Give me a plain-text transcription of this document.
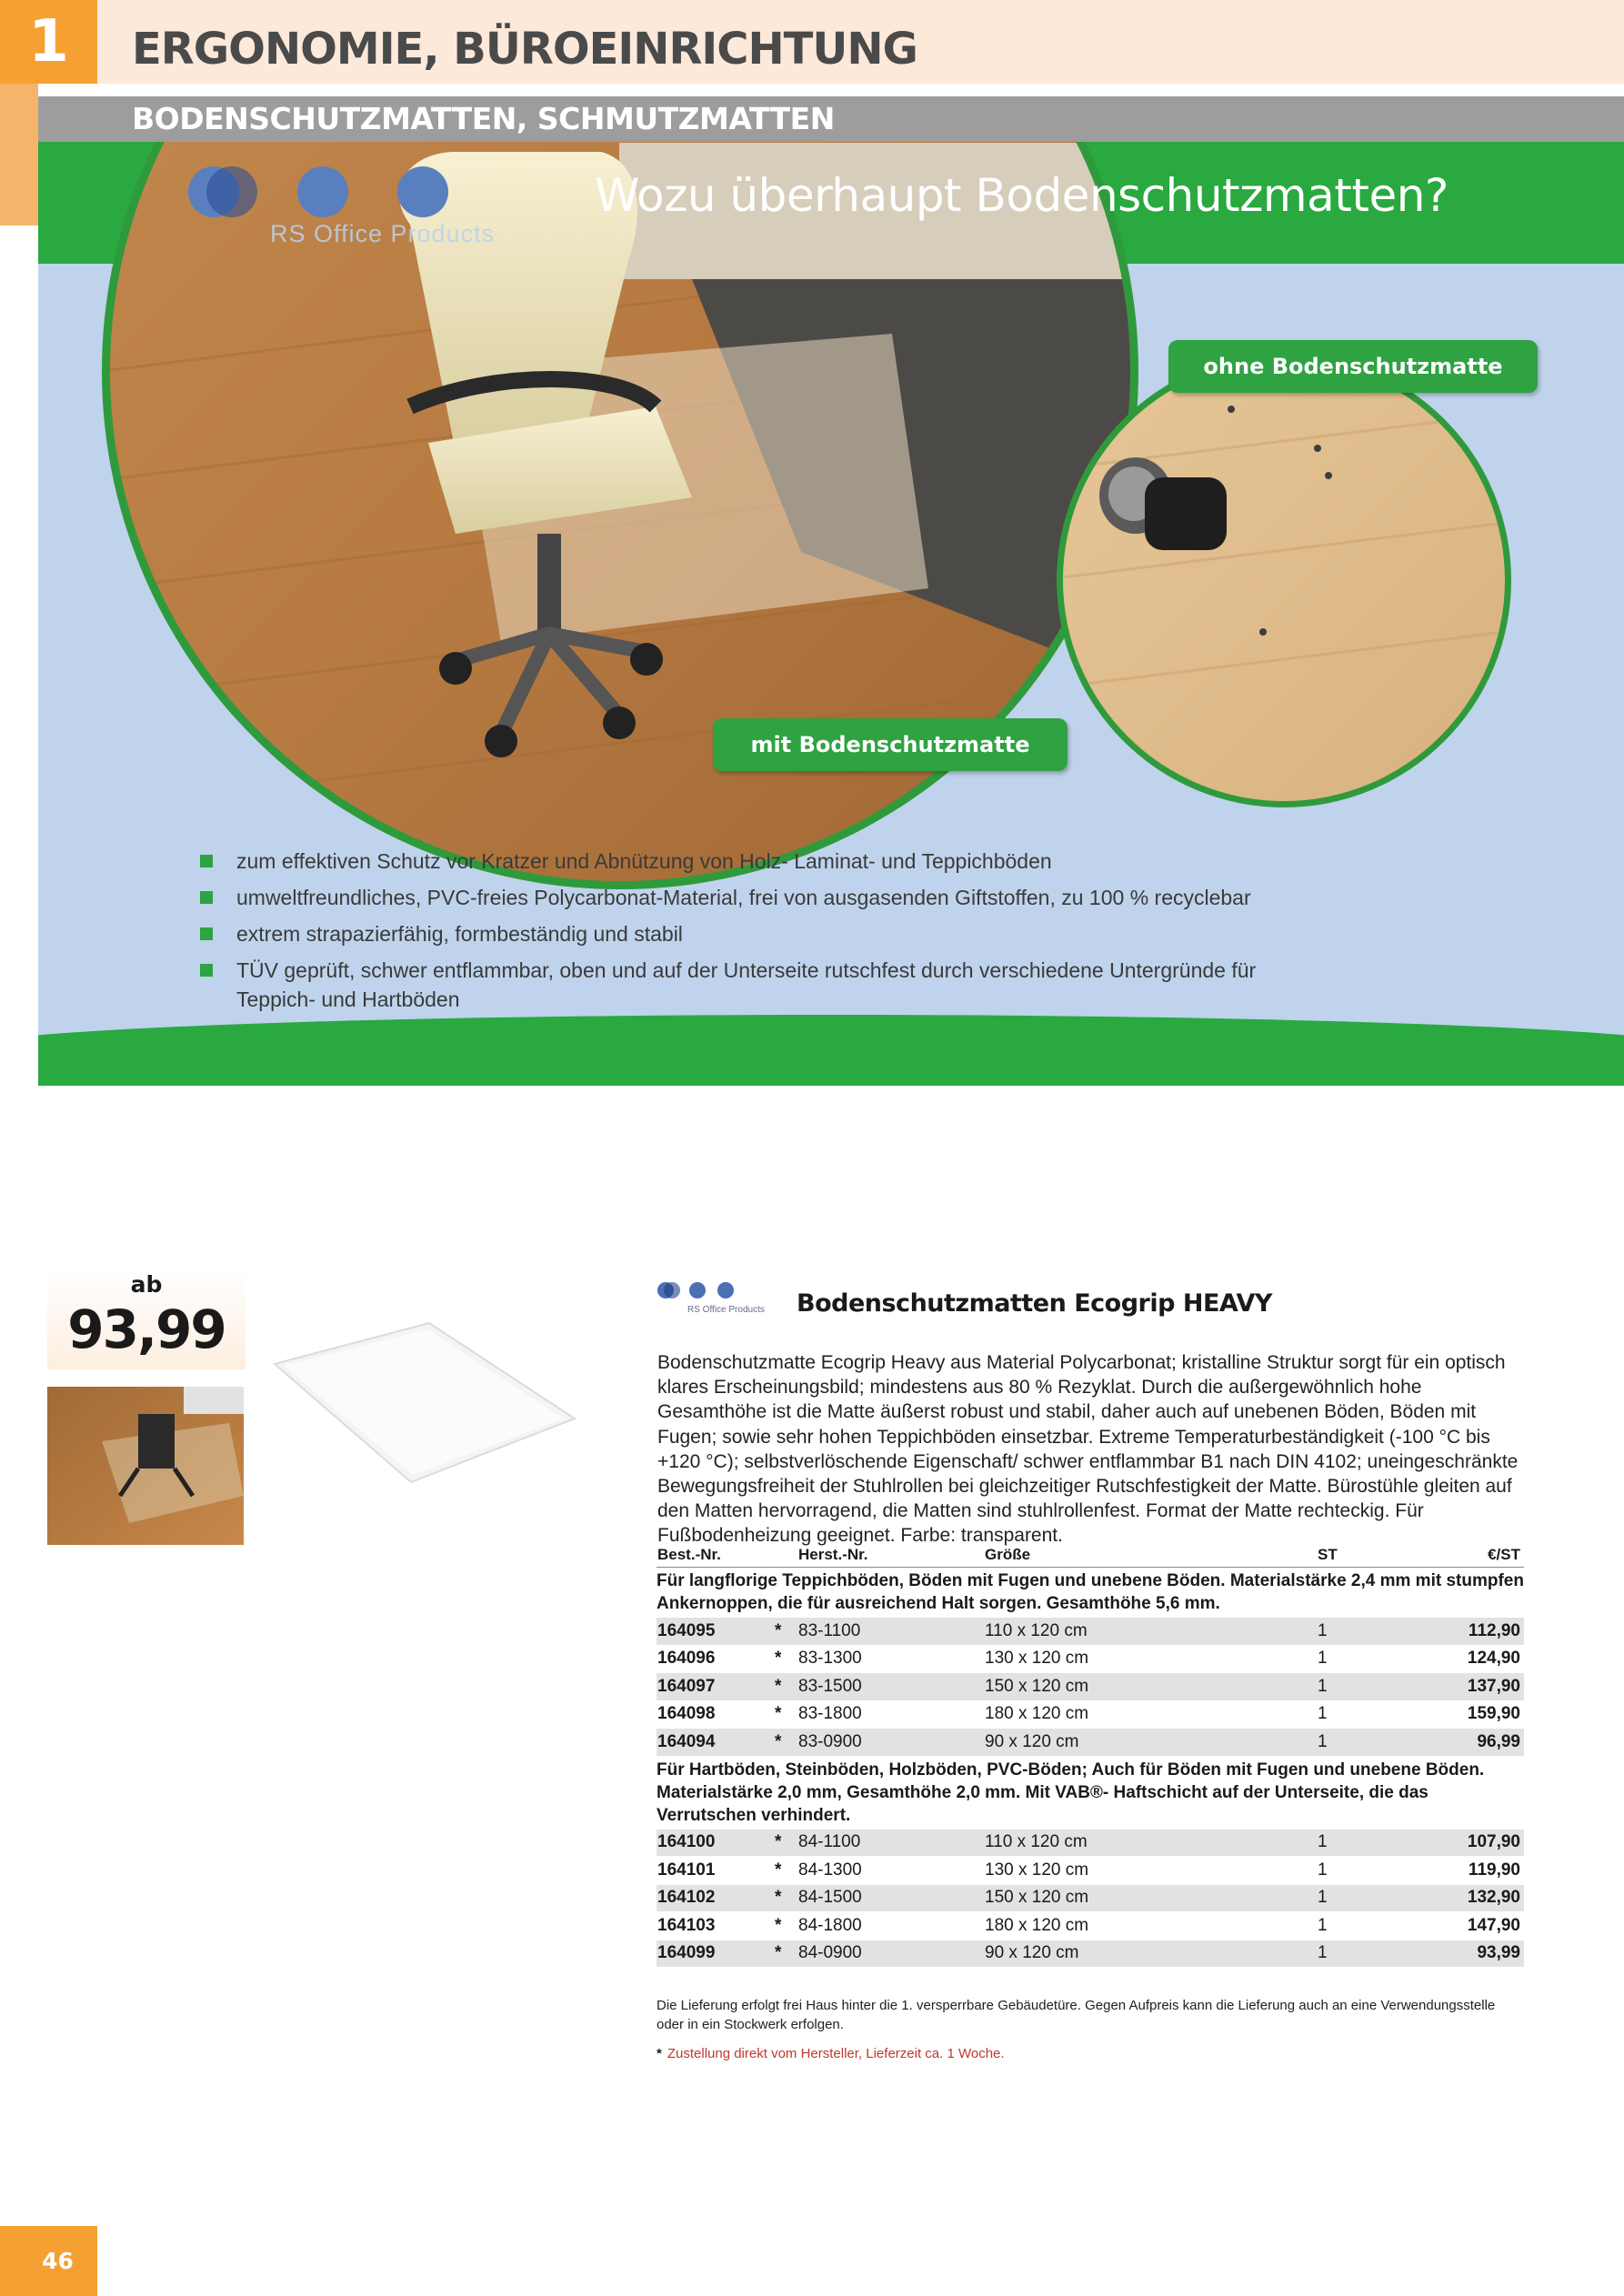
1	ERGONOMIE, BÜROEINRICHTUNG
BODENSCHUTZMATTEN, SCHMUTZMATTEN
RS Office Products
Wozu überhaupt Bodenschutzmatten?
ohne Bodenschutzmatte
mit Bodenschutzmatte
zum effektiven Schutz vor Kratzer und Abnützung von Holz- Laminat- und Teppichböden
umweltfreundliches, PVC-freies Polycarbonat-Material, frei von ausgasenden Giftstoffen, zu 100 % recyclebar
extrem strapazierfähig, formbeständig und stabil
TÜV geprüft, schwer entflammbar, oben und auf der Unterseite rutschfest durch verschiedene Untergründe für Teppich- und Hartböden
ab
93,99	RS Office Products Bodenschutzmatten Ecogrip HEAVY
Bodenschutzmatte Ecogrip Heavy aus Material Polycarbonat; kristalline Struktur sorgt für ein optisch klares Erscheinungsbild; mindestens aus 80 % Rezyklat. Durch die außergewöhnlich hohe Gesamthöhe ist die Matte äußerst robust und stabil, daher auch auf unebenen Böden, Böden mit Fugen; sowie sehr hohen Teppichböden einsetzbar. Extreme Temperaturbeständigkeit (-100 °C bis +120 °C); selbstverlöschende Eigenschaft/ schwer entflammbar B1 nach DIN 4102; uneingeschränkte Bewegungsfreiheit der Stuhlrollen bei gleichzeitiger Rutschfestigkeit der Matte. Bürostühle gleiten auf den Matten hervorragend, die Matten sind stuhlrollenfest. Format der Matte rechteckig. Für Fußbodenheizung geeignet. Farbe: transparent.
Best.-Nr.	Herst.-Nr.	Größe	ST	€/ST
Für langflorige Teppichböden, Böden mit Fugen und unebene Böden. Materialstärke 2,4 mm mit stumpfen Ankernoppen, die für ausreichend Halt sorgen. Gesamthöhe 5,6 mm.
164095	* 83-1100	110 x 120 cm	1	112,90
164096	* 83-1300	130 x 120 cm	1	124,90
164097	* 83-1500	150 x 120 cm	1	137,90
164098	* 83-1800	180 x 120 cm	1	159,90
164094	* 83-0900	90 x 120 cm	1	96,99
Für Hartböden, Steinböden, Holzböden, PVC-Böden; Auch für Böden mit Fugen und unebene Böden. Materialstärke 2,0 mm, Gesamthöhe 2,0 mm. Mit VAB®- Haftschicht auf der Unterseite, die das Verrutschen verhindert.
164100	* 84-1100	110 x 120 cm	1	107,90
164101	* 84-1300	130 x 120 cm	1	119,90
164102	* 84-1500	150 x 120 cm	1	132,90
164103	* 84-1800	180 x 120 cm	1	147,90
164099	* 84-0900	90 x 120 cm	1	93,99
Die Lieferung erfolgt frei Haus hinter die 1. versperrbare Gebäudetüre. Gegen Aufpreis kann die Lieferung auch an eine Verwendungsstelle oder in ein Stockwerk erfolgen.
* Zustellung direkt vom Hersteller, Lieferzeit ca. 1 Woche.
46
